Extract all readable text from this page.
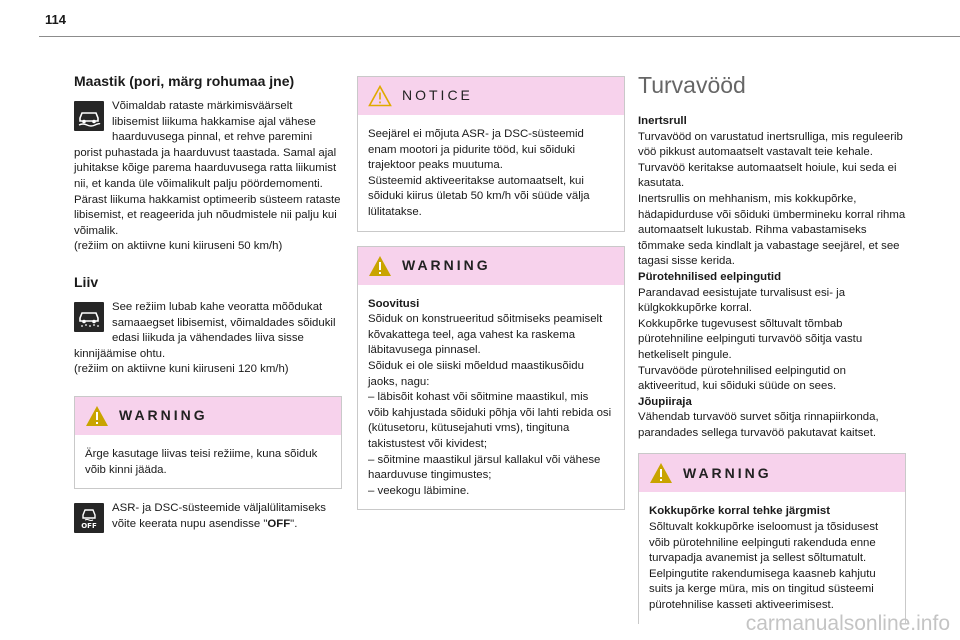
114
Maastik (pori, märg rohumaa jne)

Võimaldab rataste märkimisväärselt libisemist liikuma hakkamise ajal vähese haarduvusega pinnal, et rehve paremini porist puhastada ja haarduvust taastada. Samal ajal juhitakse kõige parema haarduvusega ratta liikumist nii, et kanda üle võimalikult palju pöördemomenti.
Pärast liikuma hakkamist optimeerib süsteem rataste libisemist, et reageerida juh nõudmistele nii palju kui võimalik.
(režiim on aktiivne kuni kiiruseni 50 km/h)

Liiv

See režiim lubab kahe veoratta mõõdukat samaaegset libisemist, võimaldades sõidukil edasi liikuda ja vähendades liiva sisse kinnijäämise ohtu.
(režiim on aktiivne kuni kiiruseni 120 km/h)

WARNING
Ärge kasutage liivas teisi režiime, kuna sõiduk võib kinni jääda.
OFF

ASR- ja DSC-süsteemide väljalülitamiseks võite keerata nupu asendisse "OFF".

NOTICE
Seejärel ei mõjuta ASR- ja DSC-süsteemid enam mootori ja pidurite tööd, kui sõiduki trajektoor peaks muutuma.
Süsteemid aktiveeritakse automaatselt, kui sõiduki kiirus ületab 50 km/h või süüde välja lülitatakse.
WARNING
Soovitusi
Sõiduk on konstrueeritud sõitmiseks peamiselt kõvakattega teel, aga vahest ka raskema läbitavusega pinnasel.
Sõiduk ei ole siiski mõeldud maastikusõidu jaoks, nagu:
– läbisõit kohast või sõitmine maastikul, mis võib kahjustada sõiduki põhja või lahti rebida osi (kütusetoru, kütusejahuti vms), tingituna takistustest või kividest;
– sõitmine maastikul järsul kallakul või vähese haarduvuse tingimustes;
– veekogu läbimine.
Turvavööd
Inertsrull
Turvavööd on varustatud inertsrulliga, mis reguleerib vöö pikkust automaatselt vastavalt teie kehale. Turvavöö keritakse automaatselt hoiule, kui seda ei kasutata.
Inertsrullis on mehhanism, mis kokkupõrke, hädapidurduse või sõiduki ümbermineku korral rihma automaatselt lukustab. Rihma vabastamiseks tõmmake seda kindlalt ja vabastage seejärel, et see tagasi sisse kerida.
Pürotehnilised eelpingutid
Parandavad eesistujate turvalisust esi- ja külgkokkupõrke korral.
Kokkupõrke tugevusest sõltuvalt tõmbab pürotehniline eelpinguti turvavöö sõitja vastu hetkeliselt pingule.
Turvavööde pürotehnilised eelpingutid on aktiveeritud, kui sõiduki süüde on sees.
Jõupiiraja
Vähendab turvavöö survet sõitja rinnapiirkonda, parandades sellega turvavöö pakutavat kaitset.
WARNING
Kokkupõrke korral tehke järgmist
Sõltuvalt kokkupõrke iseloomust ja tõsidusest võib pürotehniline eelpinguti rakenduda enne turvapadja avanemist ja sellest sõltumatult. Eelpingutite rakendumisega kaasneb kahjutu suits ja kerge müra, mis on tingitud süsteemi pürotehnilise kasseti aktiveerimisest.
carmanualsonline.info
